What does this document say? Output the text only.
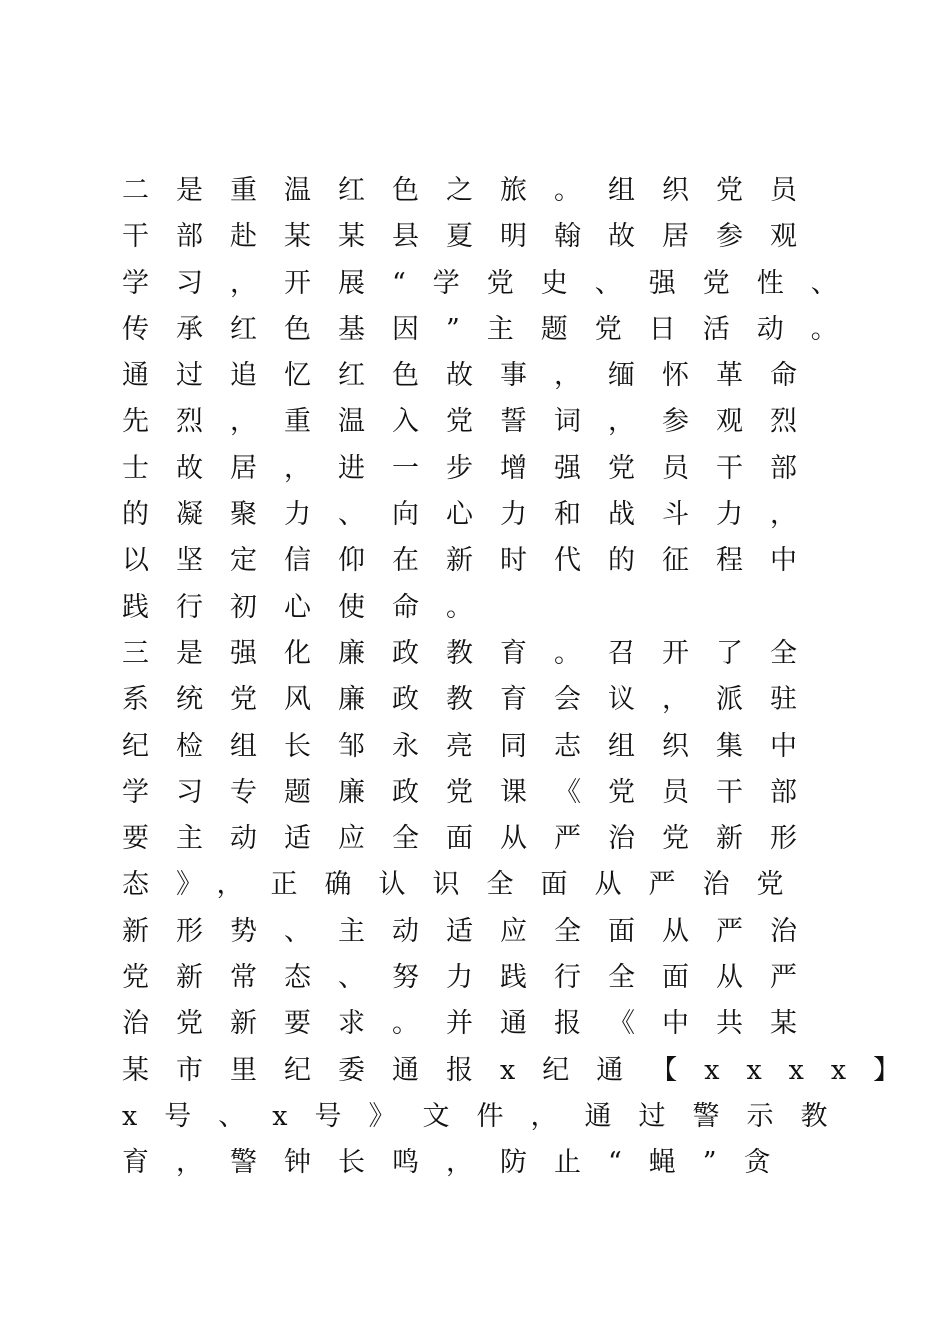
二是重温红色之旅。组织党员
干部赴某某县夏明翰故居参观
学习，开展“学党史、强党性、
传承红色基因”主题党日活动。
通过追忆红色故事，缅怀革命
先烈，重温入党誓词，参观烈
士故居，进一步增强党员干部
的凝聚力、向心力和战斗力，
以坚定信仰在新时代的征程中
践行初心使命。
三是强化廉政教育。召开了全
系统党风廉政教育会议，派驻
纪检组长邹永亮同志组织集中
学习专题廉政党课《党员干部
要主动适应全面从严治党新形
态》，正确认识全面从严治党
新形势、主动适应全面从严治
党新常态、努力践行全面从严
治党新要求。并通报《中共某
某市里纪委通报x纪通【xxxx】
x号、x号》文件，通过警示教
育，警钟长鸣，防止“蝇”贪
